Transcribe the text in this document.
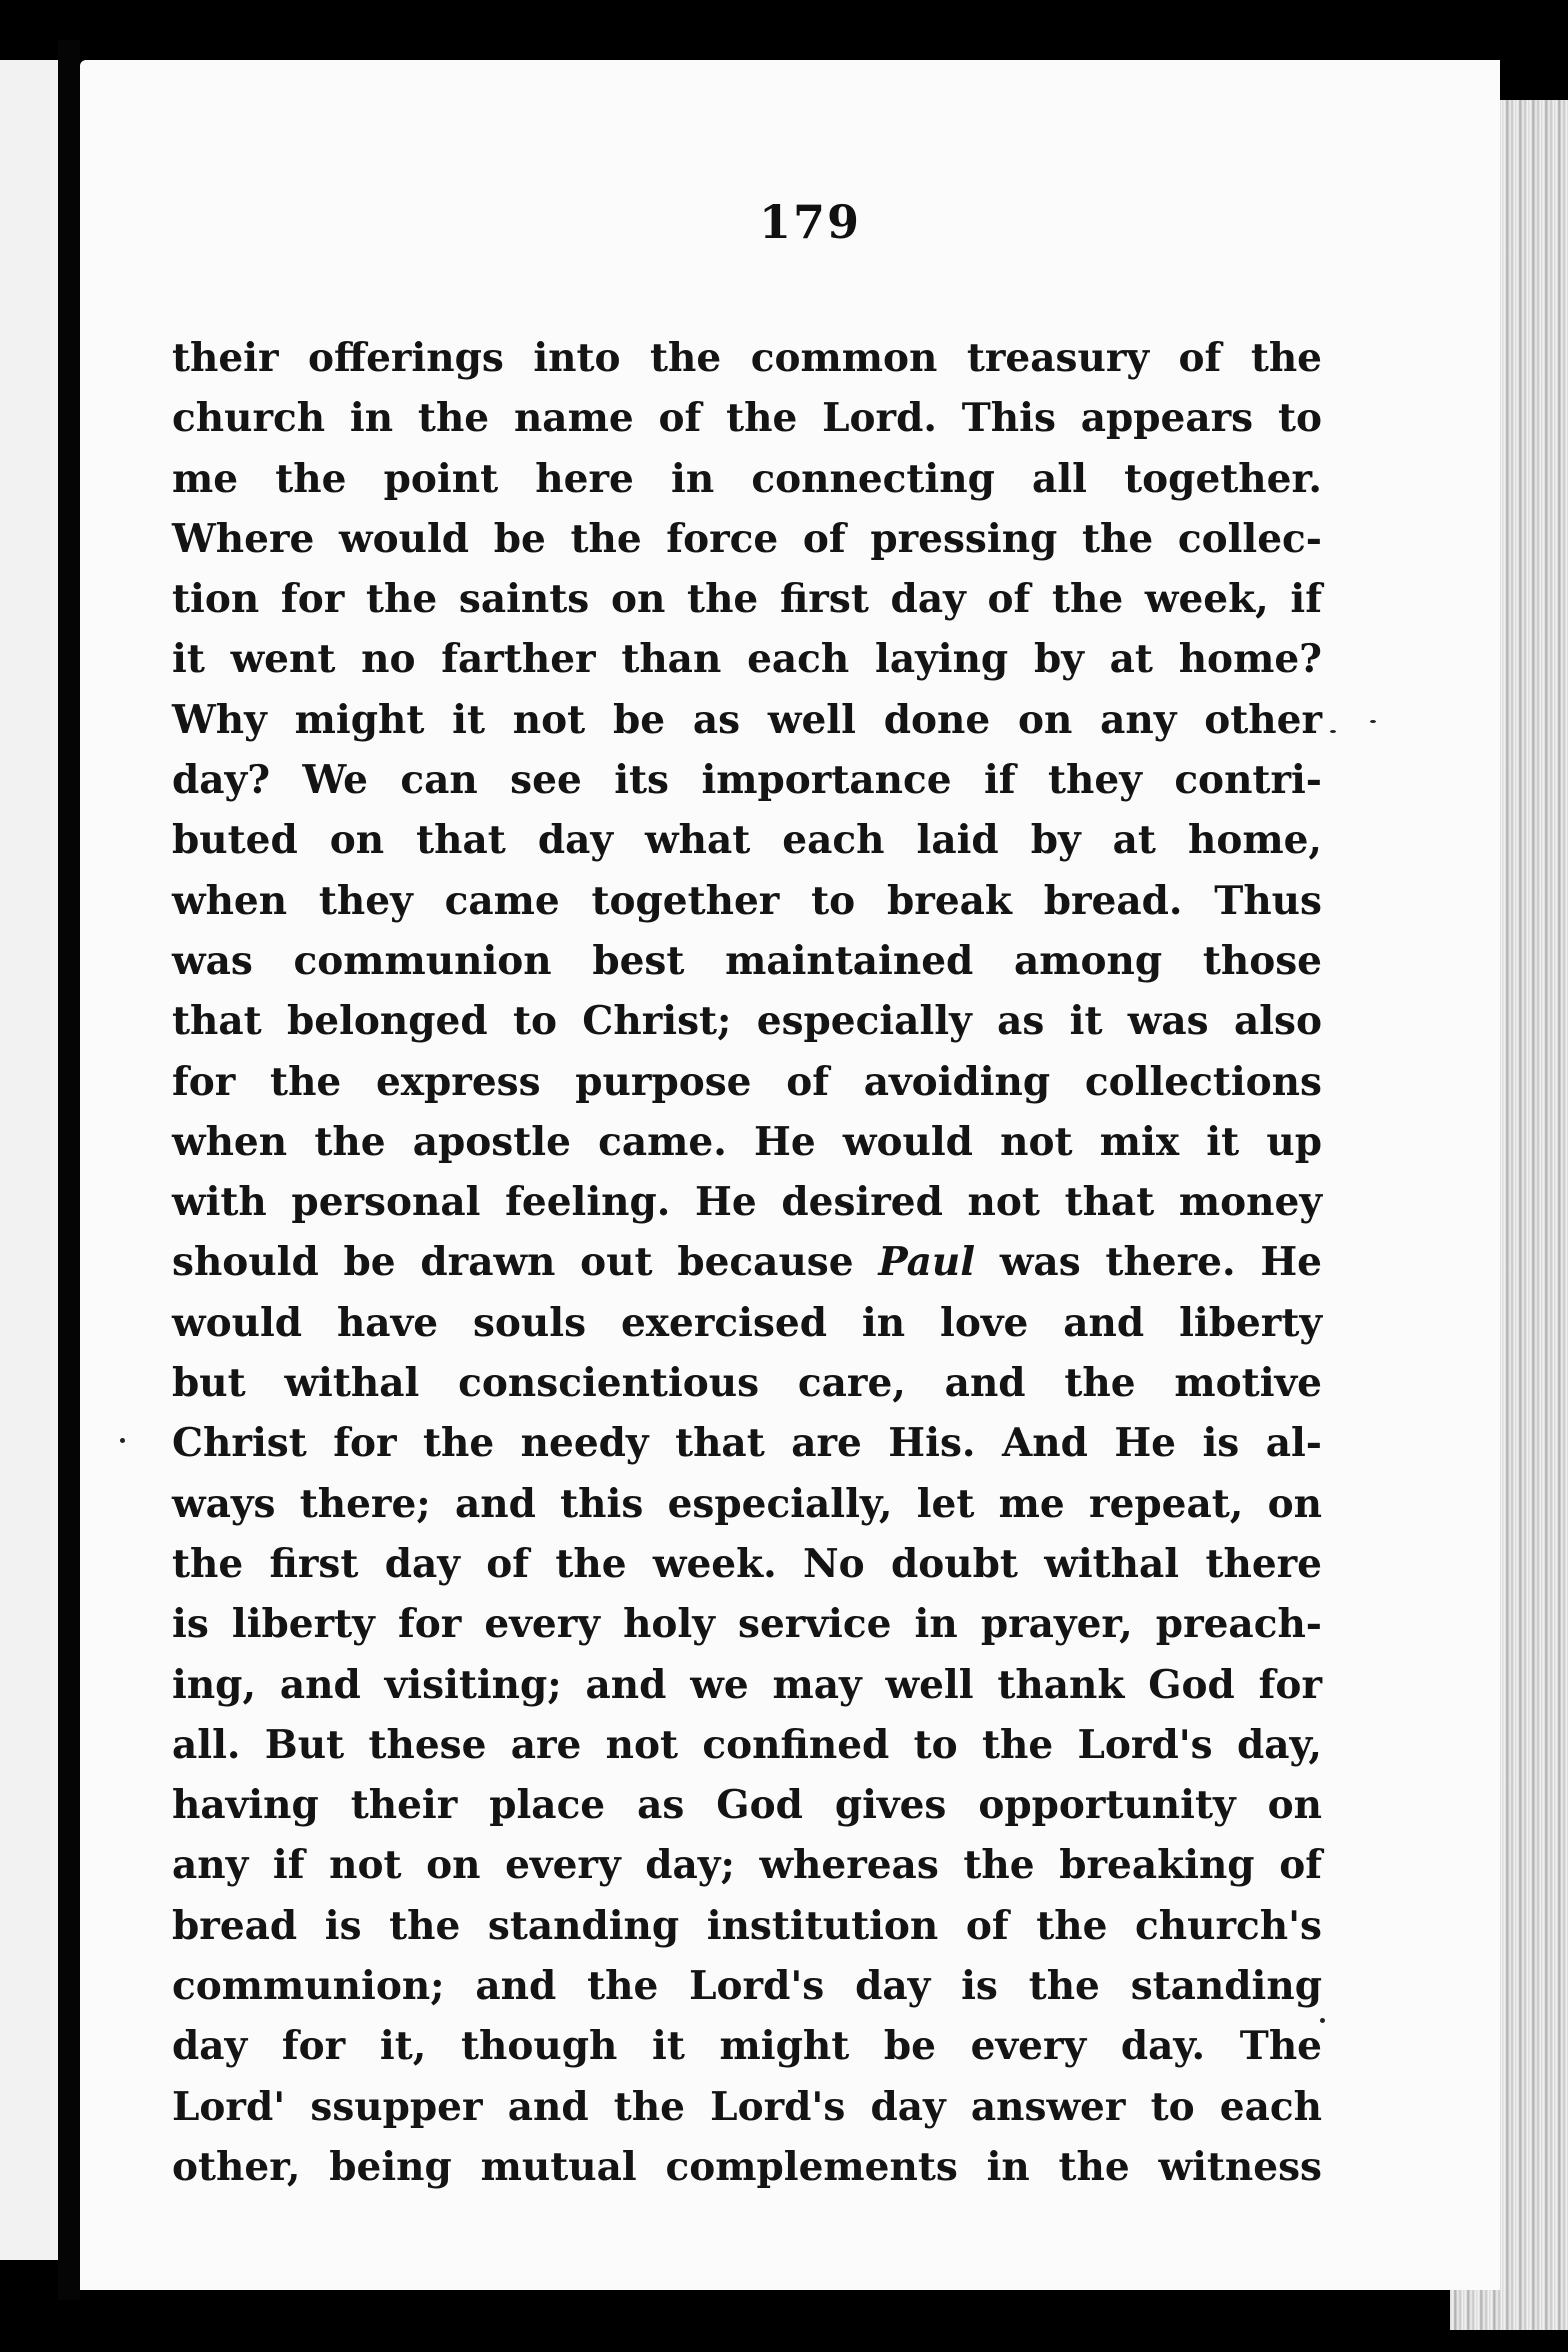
179
their offerings into the common treasury of the
church in the name of the Lord. This appears to
me the point here in connecting all together.
Where would be the force of pressing the collec-
tion for the saints on the first day of the week, if
it went no farther than each laying by at home?
Why might it not be as well done on any other
day? We can see its importance if they contri-
buted on that day what each laid by at home,
when they came together to break bread. Thus
was communion best maintained among those
that belonged to Christ; especially as it was also
for the express purpose of avoiding collections
when the apostle came. He would not mix it up
with personal feeling. He desired not that money
should be drawn out because Paul was there. He
would have souls exercised in love and liberty
but withal conscientious care, and the motive
Christ for the needy that are His. And He is al-
ways there; and this especially, let me repeat, on
the first day of the week. No doubt withal there
is liberty for every holy service in prayer, preach-
ing, and visiting; and we may well thank God for
all. But these are not confined to the Lord's day,
having their place as God gives opportunity on
any if not on every day; whereas the breaking of
bread is the standing institution of the church's
communion; and the Lord's day is the standing
day for it, though it might be every day. The
Lord' ssupper and the Lord's day answer to each
other, being mutual complements in the witness
